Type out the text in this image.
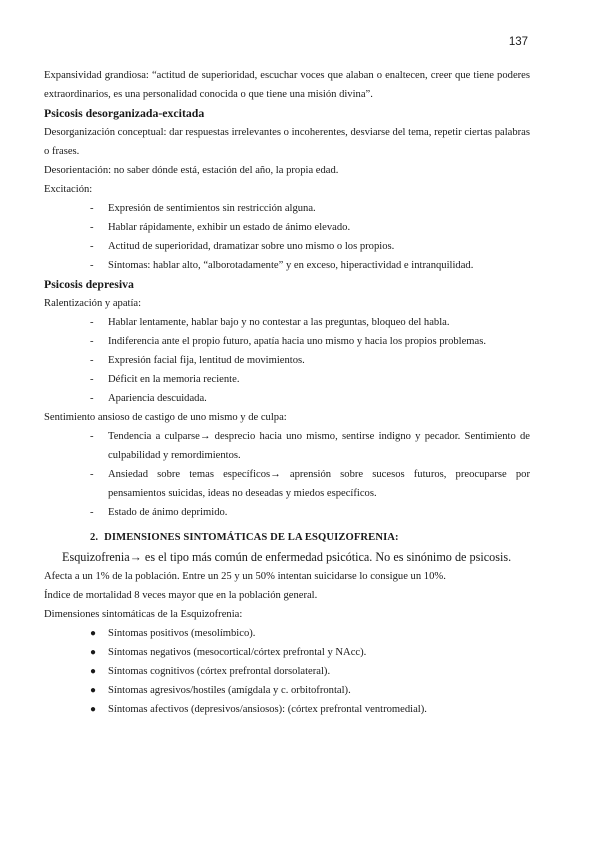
137

Expansividad grandiosa: “actitud de superioridad, escuchar voces que alaban o enaltecen, creer que tiene poderes extraordinarios, es una personalidad conocida o que tiene una misión divina”.

Psicosis desorganizada-excitada

Desorganización conceptual: dar respuestas irrelevantes o incoherentes, desviarse del tema, repetir ciertas palabras o frases.

Desorientación: no saber dónde está, estación del año, la propia edad.

Excitación:

- Expresión de sentimientos sin restricción alguna.
- Hablar rápidamente, exhibir un estado de ánimo elevado.
- Actitud de superioridad, dramatizar sobre uno mismo o los propios.
- Síntomas: hablar alto, “alborotadamente” y en exceso, hiperactividad e intranquilidad.
Psicosis depresiva

Ralentización y apatía:

- Hablar lentamente, hablar bajo y no contestar a las preguntas, bloqueo del habla.
- Indiferencia ante el propio futuro, apatía hacia uno mismo y hacia los propios problemas.
- Expresión facial fija, lentitud de movimientos.
- Déficit en la memoria reciente.
- Apariencia descuidada.

Sentimiento ansioso de castigo de uno mismo y de culpa:

- Tendencia a culparse→ desprecio hacia uno mismo, sentirse indigno y pecador. Sentimiento de culpabilidad y remordimientos.
- Ansiedad sobre temas específicos→ aprensión sobre sucesos futuros, preocuparse por pensamientos suicidas, ideas no deseadas y miedos específicos.
- Estado de ánimo deprimido.
2. DIMENSIONES SINTOMÁTICAS DE LA ESQUIZOFRENIA:

Esquizofrenia→ es el tipo más común de enfermedad psicótica. No es sinónimo de psicosis.

Afecta a un 1% de la población. Entre un 25 y un 50% intentan suicidarse lo consigue un 10%.

Índice de mortalidad 8 veces mayor que en la población general.

Dimensiones sintomáticas de la Esquizofrenia:

● Síntomas positivos (mesolímbico).
● Síntomas negativos (mesocortical/córtex prefrontal y NAcc).
● Síntomas cognitivos (córtex prefrontal dorsolateral).
● Síntomas agresivos/hostiles (amígdala y c. orbitofrontal).
● Síntomas afectivos (depresivos/ansiosos): (córtex prefrontal ventromedial).
